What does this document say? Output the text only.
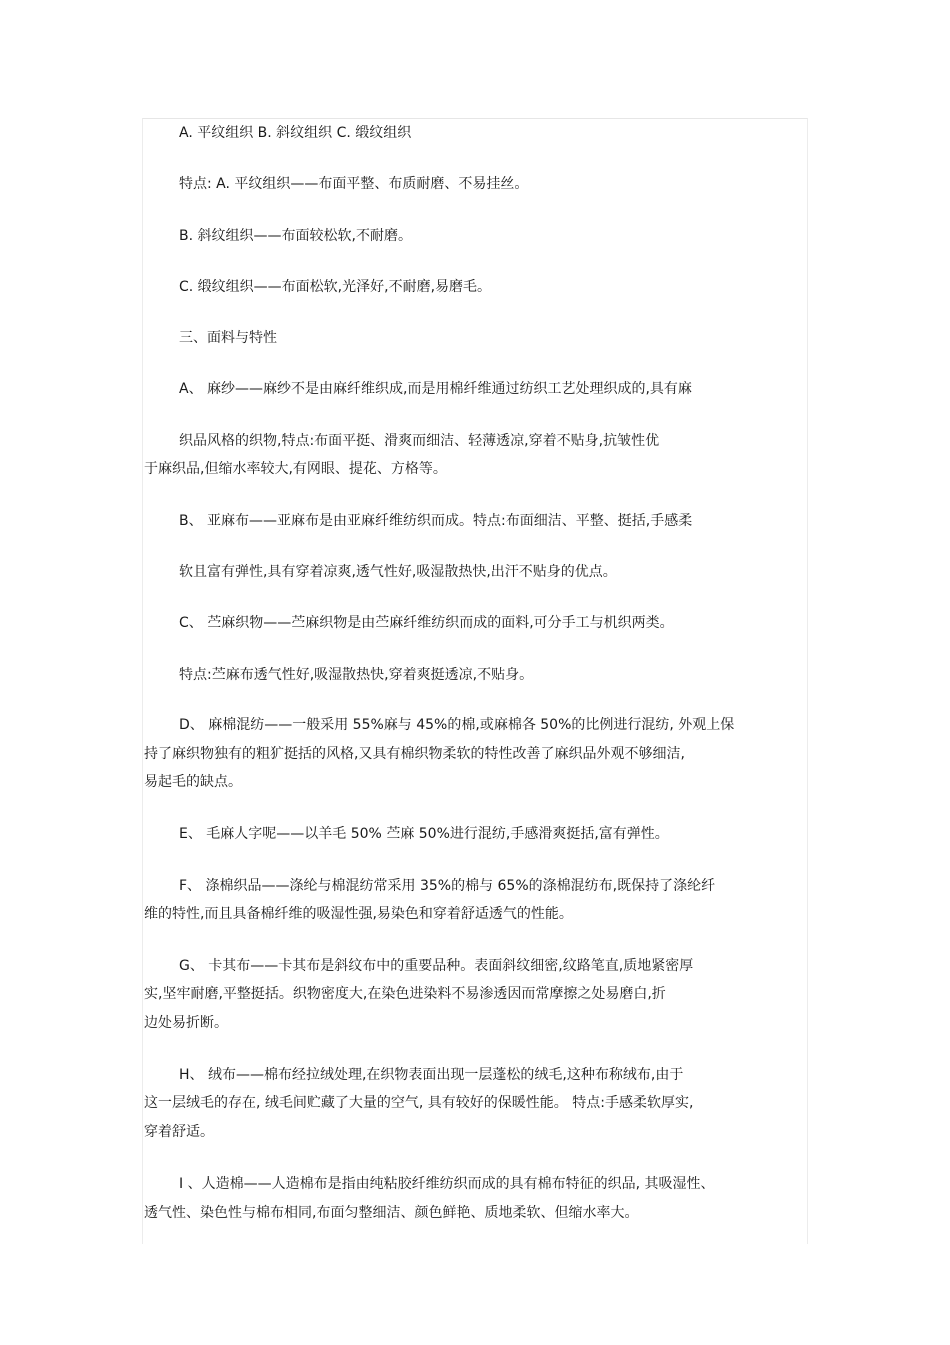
A. 平纹组织 B. 斜纹组织 C. 缎纹组织
特点: A. 平纹组织——布面平整、布质耐磨、不易挂丝。
B. 斜纹组织——布面较松软,不耐磨。
C. 缎纹组织——布面松软,光泽好,不耐磨,易磨毛。
三、面料与特性
A、 麻纱——麻纱不是由麻纤维织成,而是用棉纤维通过纺织工艺处理织成的,具有麻
织品风格的织物,特点:布面平挺、滑爽而细洁、轻薄透凉,穿着不贴身,抗皱性优
于麻织品,但缩水率较大,有网眼、提花、方格等。
B、 亚麻布——亚麻布是由亚麻纤维纺织而成。特点:布面细洁、平整、挺括,手感柔
软且富有弹性,具有穿着凉爽,透气性好,吸湿散热快,出汗不贴身的优点。
C、 苎麻织物——苎麻织物是由苎麻纤维纺织而成的面料,可分手工与机织两类。
特点:苎麻布透气性好,吸湿散热快,穿着爽挺透凉,不贴身。
D、 麻棉混纺——一般采用 55%麻与 45%的棉,或麻棉各 50%的比例进行混纺, 外观上保
持了麻织物独有的粗犷挺括的风格,又具有棉织物柔软的特性改善了麻织品外观不够细洁,
易起毛的缺点。
E、 毛麻人字呢——以羊毛 50% 苎麻 50%进行混纺,手感滑爽挺括,富有弹性。
F、 涤棉织品——涤纶与棉混纺常采用 35%的棉与 65%的涤棉混纺布,既保持了涤纶纤
维的特性,而且具备棉纤维的吸湿性强,易染色和穿着舒适透气的性能。
G、 卡其布——卡其布是斜纹布中的重要品种。表面斜纹细密,纹路笔直,质地紧密厚
实,坚牢耐磨,平整挺括。织物密度大,在染色进染料不易渗透因而常摩擦之处易磨白,折
边处易折断。
H、 绒布——棉布经拉绒处理,在织物表面出现一层蓬松的绒毛,这种布称绒布,由于
这一层绒毛的存在, 绒毛间贮藏了大量的空气, 具有较好的保暖性能。 特点:手感柔软厚实,
穿着舒适。
I 、人造棉——人造棉布是指由纯粘胶纤维纺织而成的具有棉布特征的织品, 其吸湿性、
透气性、染色性与棉布相同,布面匀整细洁、颜色鲜艳、质地柔软、但缩水率大。
